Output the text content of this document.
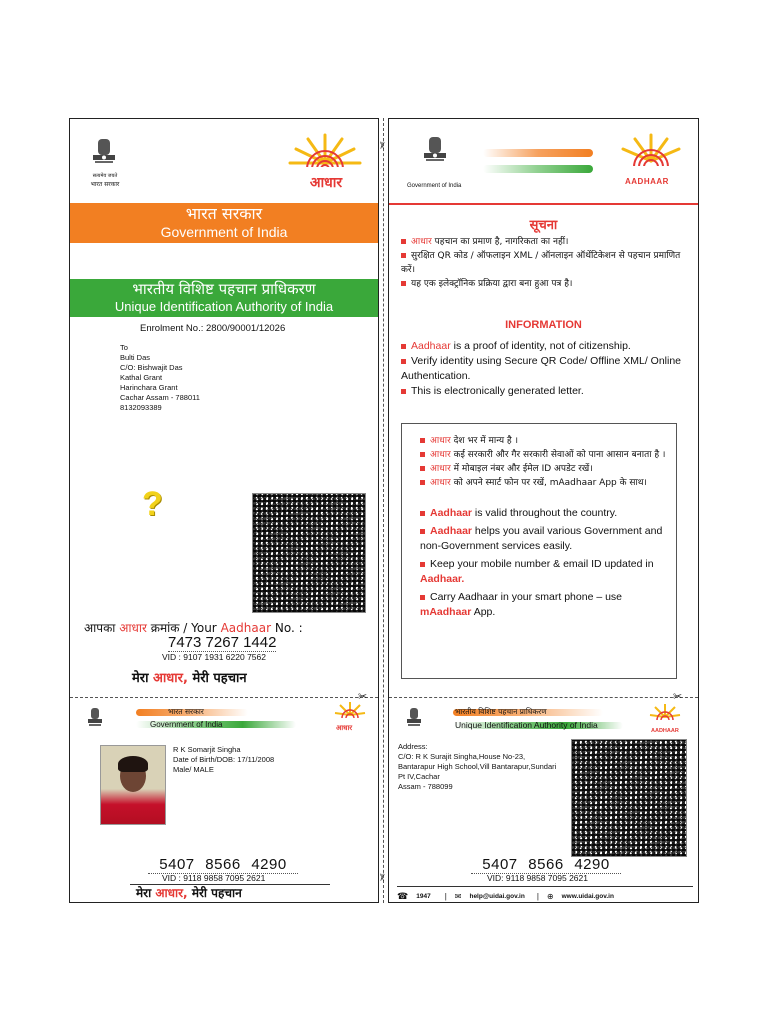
सत्यमेव जयते
भारत सरकार	आधार
भारत सरकार
Government of India
भारतीय विशिष्ट पहचान प्राधिकरण
Unique Identification Authority of India
Enrolment No.: 2800/90001/12026
To
Bulti Das
C/O: Bishwajit Das
Kathal Grant
Harinchara Grant
Cachar Assam - 788011
8132093389
?
आपका आधार क्रमांक / Your Aadhaar No. :
7473 7267 1442
VID : 9107 1931 6220 7562
मेरा आधार, मेरी पहचान
✂
भारत सरकार
Government of India	आधार
R K Somarjit Singha
Date of Birth/DOB: 17/11/2008
Male/ MALE
5407 8566 4290
VID : 9118 9858 7095 2621
मेरा आधार, मेरी पहचान
✂
✂
Government of India	AADHAAR
सूचना

आधार पहचान का प्रमाण है, नागरिकता का नहीं।

सुरक्षित QR कोड / ऑफलाइन XML / ऑनलाइन ऑथेंटिकेशन से पहचान प्रमाणित करें।

यह एक इलेक्ट्रॉनिक प्रक्रिया द्वारा बना हुआ पत्र है।

INFORMATION

Aadhaar is a proof of identity, not of citizenship.

Verify identity using Secure QR Code/ Offline XML/ Online Authentication.

This is electronically generated letter.

आधार देश भर में मान्य है ।

आधार कई सरकारी और गैर सरकारी सेवाओं को पाना आसान बनाता है ।

आधार में मोबाइल नंबर और ईमेल ID अपडेट रखें।

आधार को अपने स्मार्ट फोन पर रखें, mAadhaar App के साथ।

Aadhaar is valid throughout the country.

Aadhaar helps you avail various Government and non-Government services easily.

Keep your mobile number & email ID updated in Aadhaar.

Carry Aadhaar in your smart phone – use mAadhaar App.

✂
भारतीय विशिष्ट पहचान प्राधिकरण
Unique Identification Authority of India
AADHAAR
Address:
C/O: R K Surajit Singha,House No-23,
Bantarapur High School,Vill Bantarapur,Sundari
Pt IV,Cachar
Assam - 788099
5407 8566 4290
VID: 9118 9858 7095 2621
☎ 1947 | ✉ help@uidai.gov.in | ⊕ www.uidai.gov.in
